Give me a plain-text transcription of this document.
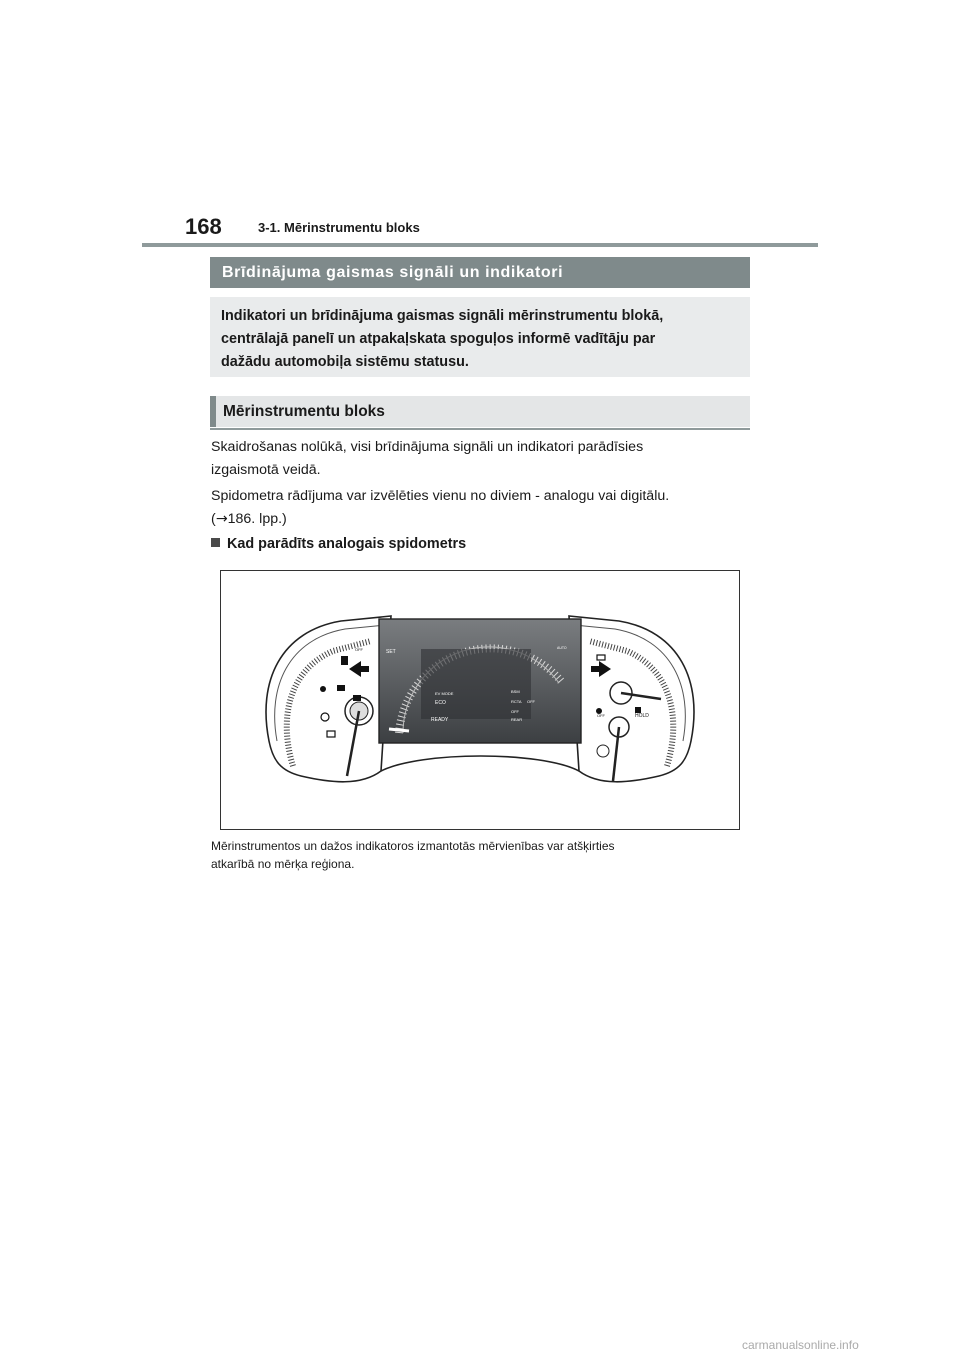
168	3-1. Mērinstrumentu bloks
Brīdinājuma gaismas signāli un indikatori
Indikatori un brīdinājuma gaismas signāli mērinstrumentu blokā,
centrālajā panelī un atpakaļskata spoguļos informē vadītāju par
dažādu automobiļa sistēmu statusu.
Mērinstrumentu bloks
Skaidrošanas nolūkā, visi brīdinājuma signāli un indikatori parādīsies
izgaismotā veidā.
Spidometra rādījuma var izvēlēties vienu no diviem - analogu vai digitālu.
(→186. lpp.)
Kad parādīts analogais spidometrs
SET
EV MODE
ECO
READY
BSM
RCTA
OFF
REAR
OFF
OFF
OFF	HOLD
AUTO
Mērinstrumentos un dažos indikatoros izmantotās mērvienības var atšķirties
atkarībā no mērķa reģiona.
carmanualsonline.info
